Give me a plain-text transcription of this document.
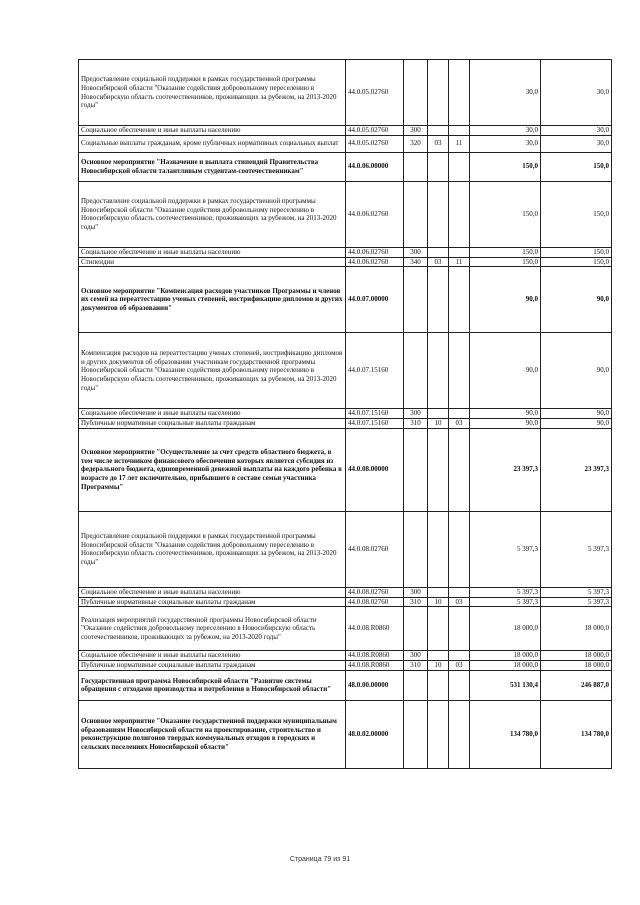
Предоставление социальной поддержки в рамках государственной программы Новосибирской области "Оказание содействия добровольному переселению в Новосибирскую область соотечественников, проживающих за рубежом, на 2013-2020 годы"	44.0.05.02760				30,0	30,0
Социальное обеспечение и иные выплаты населению	44.0.05.02760	300			30,0	30,0
Социальные выплаты гражданам, кроме публичных нормативных социальных выплат	44.0.05.02760	320	03	11	30,0	30,0
Основное мероприятие "Назначение и выплата стипендий Правительства Новосибирской области талантливым студентам-соотечественникам"	44.0.06.00000				150,0	150,0
Предоставление социальной поддержки в рамках государственной программы Новосибирской области "Оказание содействия добровольному переселению в Новосибирскую область соотечественников, проживающих за рубежом, на 2013-2020 годы"	44.0.06.02760				150,0	150,0
Социальное обеспечение и иные выплаты населению	44.0.06.02760	300			150,0	150,0
Стипендии	44.0.06.02760	340	03	11	150,0	150,0
Основное мероприятие "Компенсация расходов участников Программы и членов их семей на переаттестацию ученых степеней, нострификацию дипломов и других документов об образовании"	44.0.07.00000				90,0	90,0
Компенсация расходов на переаттестацию ученых степеней, нострификацию дипломов и других документов об образовании участникам государственной программы Новосибирской области "Оказание содействия добровольному переселению в Новосибирскую область соотечественников, проживающих за рубежом, на 2013-2020 годы"	44.0.07.15160				90,0	90,0
Социальное обеспечение и иные выплаты населению	44.0.07.15160	300			90,0	90,0
Публичные нормативные социальные выплаты гражданам	44.0.07.15160	310	10	03	90,0	90,0
Основное мероприятие "Осуществление за счет средств областного бюджета, в том числе источником финансового обеспечения которых является субсидия из федерального бюджета, единовременной денежной выплаты на каждого ребенка в возрасте до 17 лет включительно, прибывшего в составе семьи участника Программы"	44.0.08.00000				23 397,3	23 397,3
Предоставление социальной поддержки в рамках государственной программы Новосибирской области "Оказание содействия добровольному переселению в Новосибирскую область соотечественников, проживающих за рубежом, на 2013-2020 годы"	44.0.08.02760				5 397,3	5 397,3
Социальное обеспечение и иные выплаты населению	44.0.08.02760	300			5 397,3	5 397,3
Публичные нормативные социальные выплаты гражданам	44.0.08.02760	310	10	03	5 397,3	5 397,3
Реализация мероприятий государственной программы Новосибирской области "Оказание содействия добровольному переселению в Новосибирскую область соотечественников, проживающих за рубежом, на 2013-2020 годы"	44.0.08.R0860				18 000,0	18 000,0
Социальное обеспечение и иные выплаты населению	44.0.08.R0860	300			18 000,0	18 000,0
Публичные нормативные социальные выплаты гражданам	44.0.08.R0860	310	10	03	18 000,0	18 000,0
Государственная программа Новосибирской области "Развитие системы обращения с отходами производства и потребления в Новосибирской области"	48.0.00.00000				531 130,4	246 887,0
Основное мероприятие "Оказание государственной поддержки муниципальным образованиям Новосибирской области на проектирование, строительство и реконструкцию полигонов твердых коммунальных отходов в городских и сельских поселениях Новосибирской области"	48.0.02.00000				134 780,0	134 780,0
Страница 79 из 91
